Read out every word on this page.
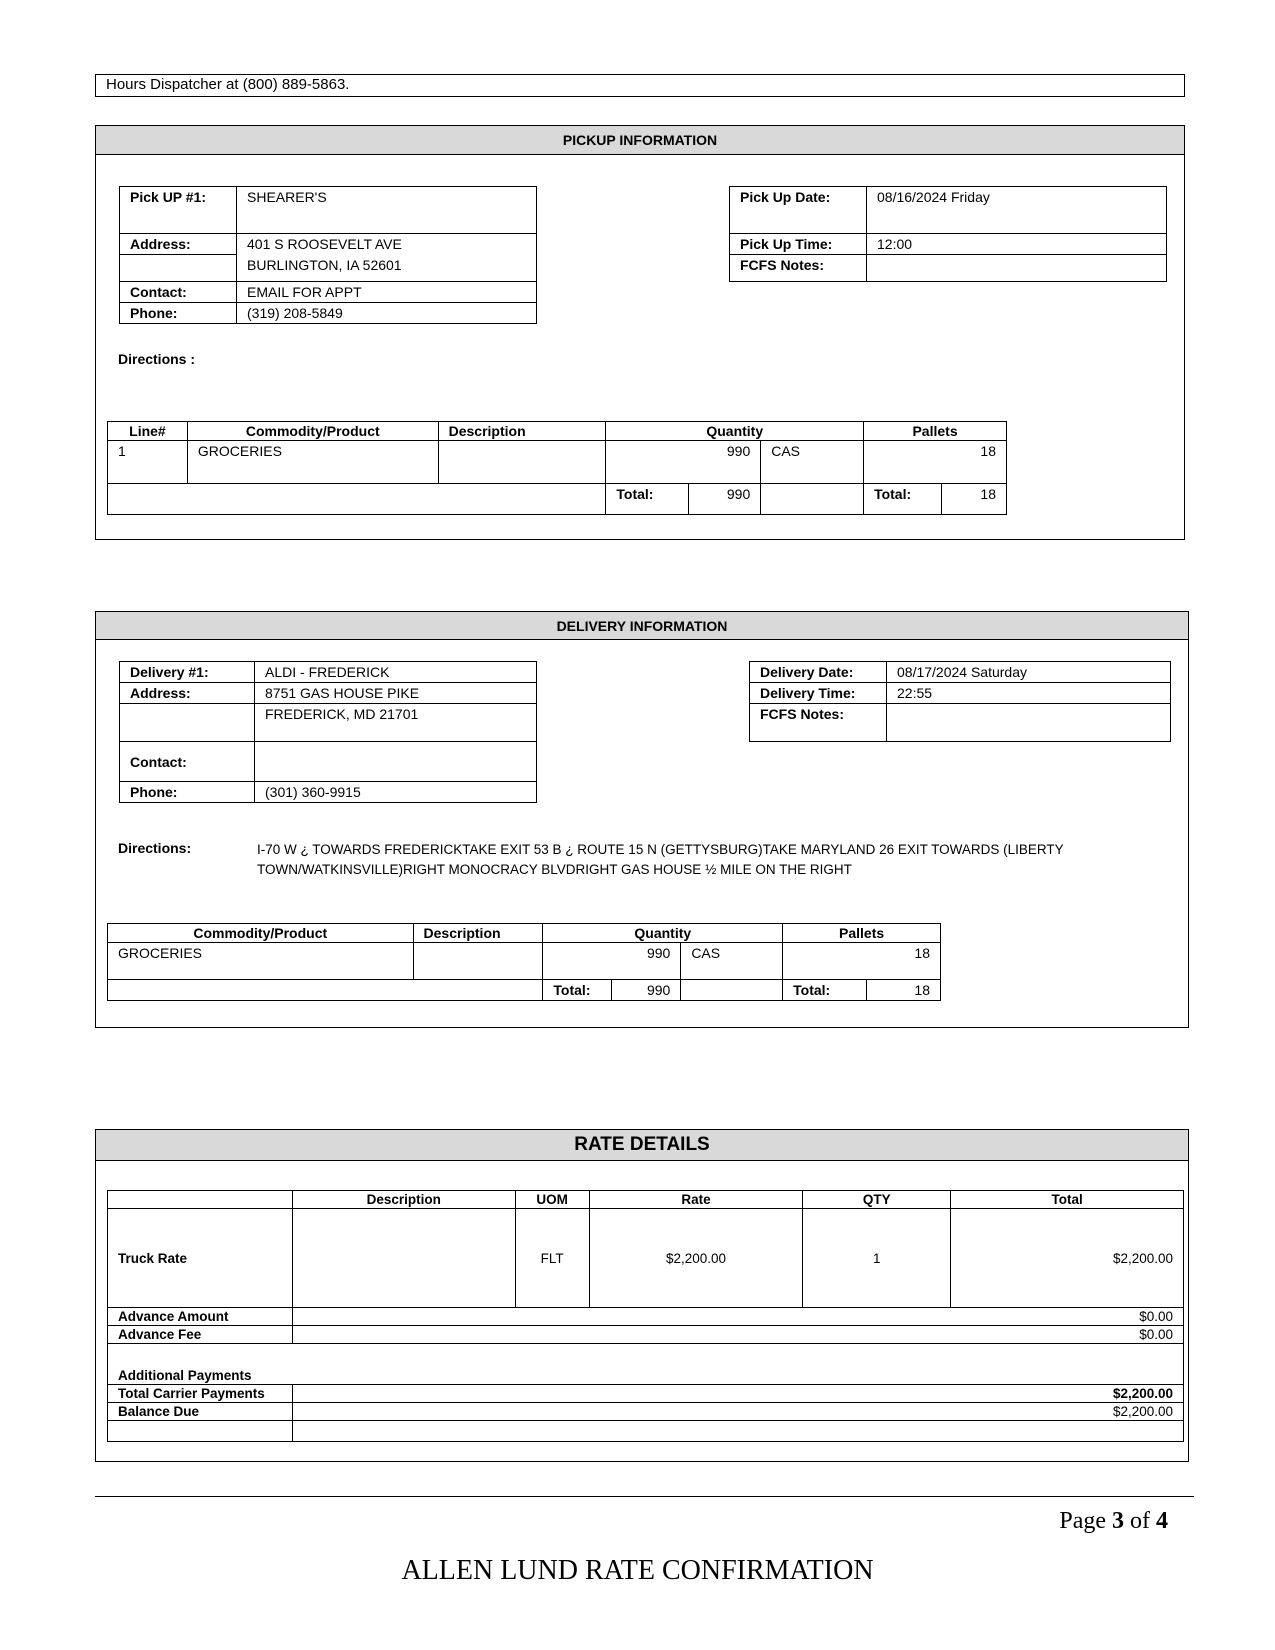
Hours Dispatcher at (800) 889-5863.
PICKUP INFORMATION
Pick UP #1:	SHEARER'S
Address:	401 S ROOSEVELT AVE
	BURLINGTON, IA 52601
Contact:	EMAIL FOR APPT
Phone:	(319) 208-5849
Pick Up Date:	08/16/2024 Friday
Pick Up Time:	12:00
FCFS Notes:	
Directions :
Line#	Commodity/Product	Description	Quantity			Pallets	
1	GROCERIES		990		CAS	18	
			Total:	990		Total:	18
DELIVERY INFORMATION
Delivery #1:	ALDI - FREDERICK
Address:	8751 GAS HOUSE PIKE
	FREDERICK, MD 21701
Contact:	
Phone:	(301) 360-9915
Delivery Date:	08/17/2024 Saturday
Delivery Time:	22:55
FCFS Notes:	
Directions:	I-70 W ¿ TOWARDS FREDERICKTAKE EXIT 53 B ¿ ROUTE 15 N (GETTYSBURG)TAKE MARYLAND 26 EXIT TOWARDS (LIBERTY
TOWN/WATKINSVILLE)RIGHT MONOCRACY BLVDRIGHT GAS HOUSE ½ MILE ON THE RIGHT
Commodity/Product	Description	Quantity			Pallets	
GROCERIES		990		CAS	18	
		Total:	990		Total:	18
RATE DETAILS
	Description	UOM	Rate	QTY	Total
Truck Rate		FLT	$2,200.00	1	$2,200.00
Advance Amount	$0.00				
Advance Fee	$0.00				
Additional Payments					
Total Carrier Payments	$2,200.00				
Balance Due	$2,200.00				

Page 3 of 4
ALLEN LUND RATE CONFIRMATION
